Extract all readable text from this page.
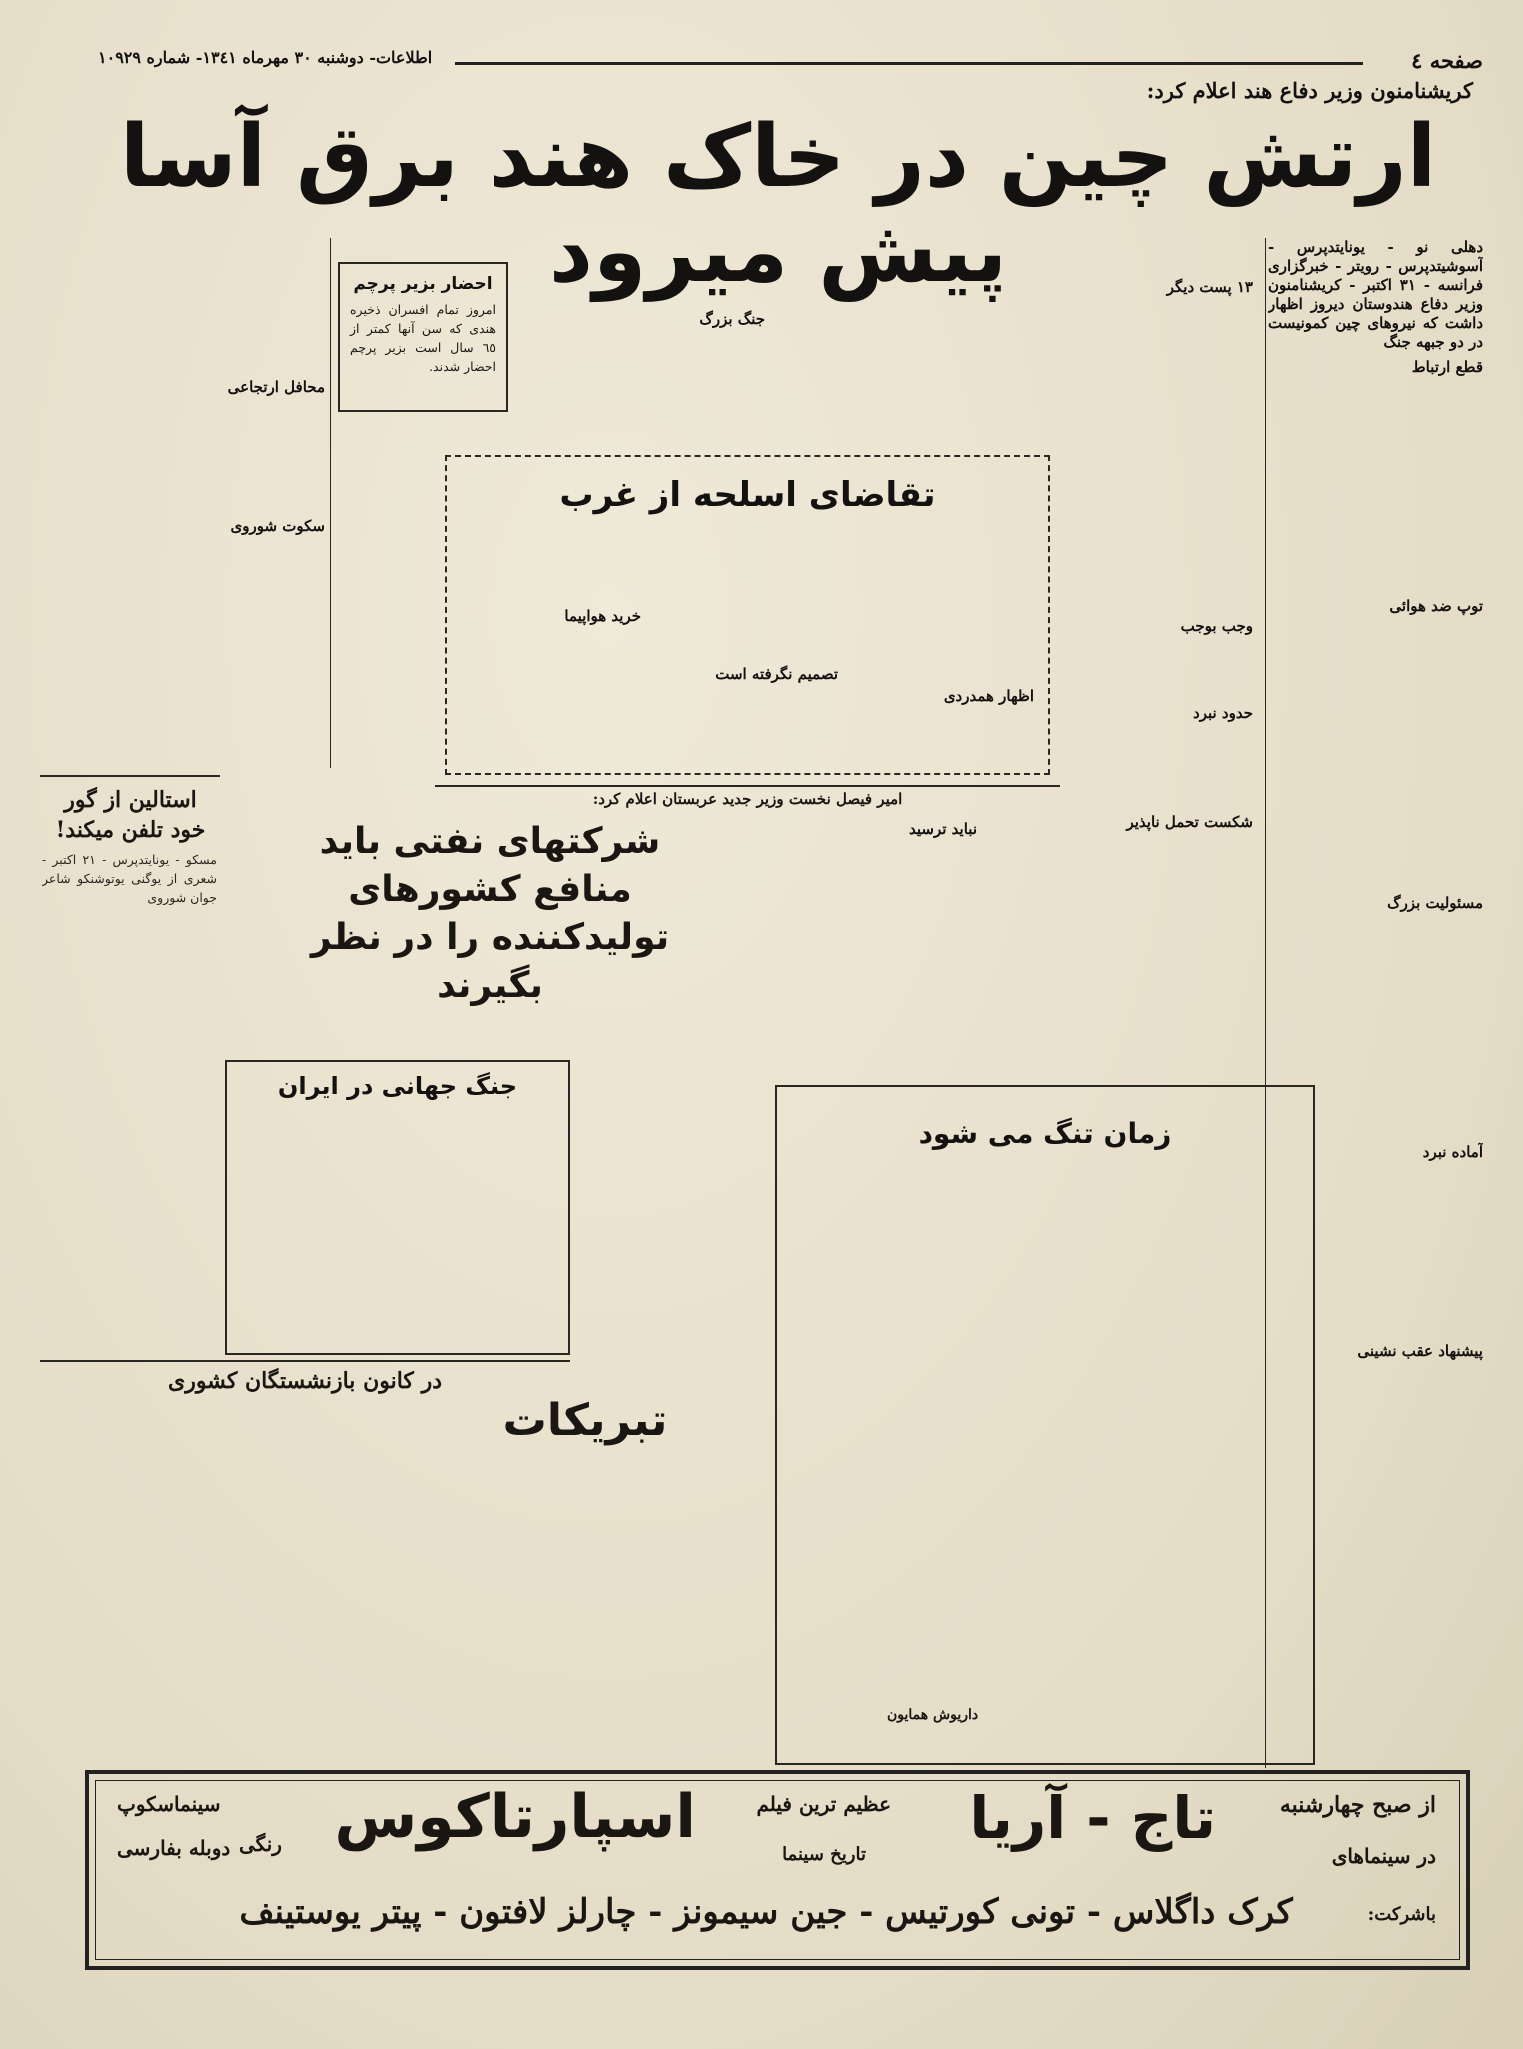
صفحه ٤
اطلاعات- دوشنبه ٣٠ مهرماه ١٣٤١- شماره ١٠٩٢٩
کریشنامنون وزیر دفاع هند اعلام کرد:
ارتش چین در خاک هند برق آسا پیش میرود	دهلی نو - یونایتدپرس - آسوشیتدپرس - رویتر - خبرگزاری فرانسه - ٣١ اکتبر - کریشنامنون وزیر دفاع هندوستان دیروز اظهار داشت که نیروهای چین کمونیست در دو جبهه جنگ

قطع ارتباط
توپ ضد هوائی
١٣ پست دیگر
وجب بوجب
حدود نبرد
شکست تحمل ناپذیر
مسئولیت بزرگ
آماده نبرد
پیشنهاد عقب نشینی
احضار بزیر پرچم
امروز تمام افسران ذخیره هندی که سن آنها کمتر از ٦٥ سال است بزیر پرچم احضار شدند.
جنگ بزرگ
محافل ارتجاعی
سکوت شوروی
تقاضای اسلحه از غرب
اظهار همدردی
تصمیم نگرفته است
خرید هواپیما
امیر فیصل نخست وزیر جدید عربستان اعلام کرد:
شرکتهای نفتی باید منافع کشورهای تولیدکننده را در نظر بگیرند
نباید ترسید
استالین از گور خود تلفن میکند!

مسکو - یونایتدپرس - ٢١ اکتبر - شعری از یوگنی یوتوشنکو شاعر جوان شوروی

جنگ جهانی در ایران
زمان تنگ می شود
داریوش همایون
در کانون بازنشستگان کشوری
تبریکات
از صبح چهارشنبه
در سینماهای
تاج - آریا
عظیم ترین فیلم
تاریخ سینما
اسپارتاکوس
سینماسکوپ
رنگی
دوبله بفارسی
باشرکت:
کرک داگلاس - تونی کورتیس - جین سیمونز - چارلز لافتون - پیتر یوستینف
